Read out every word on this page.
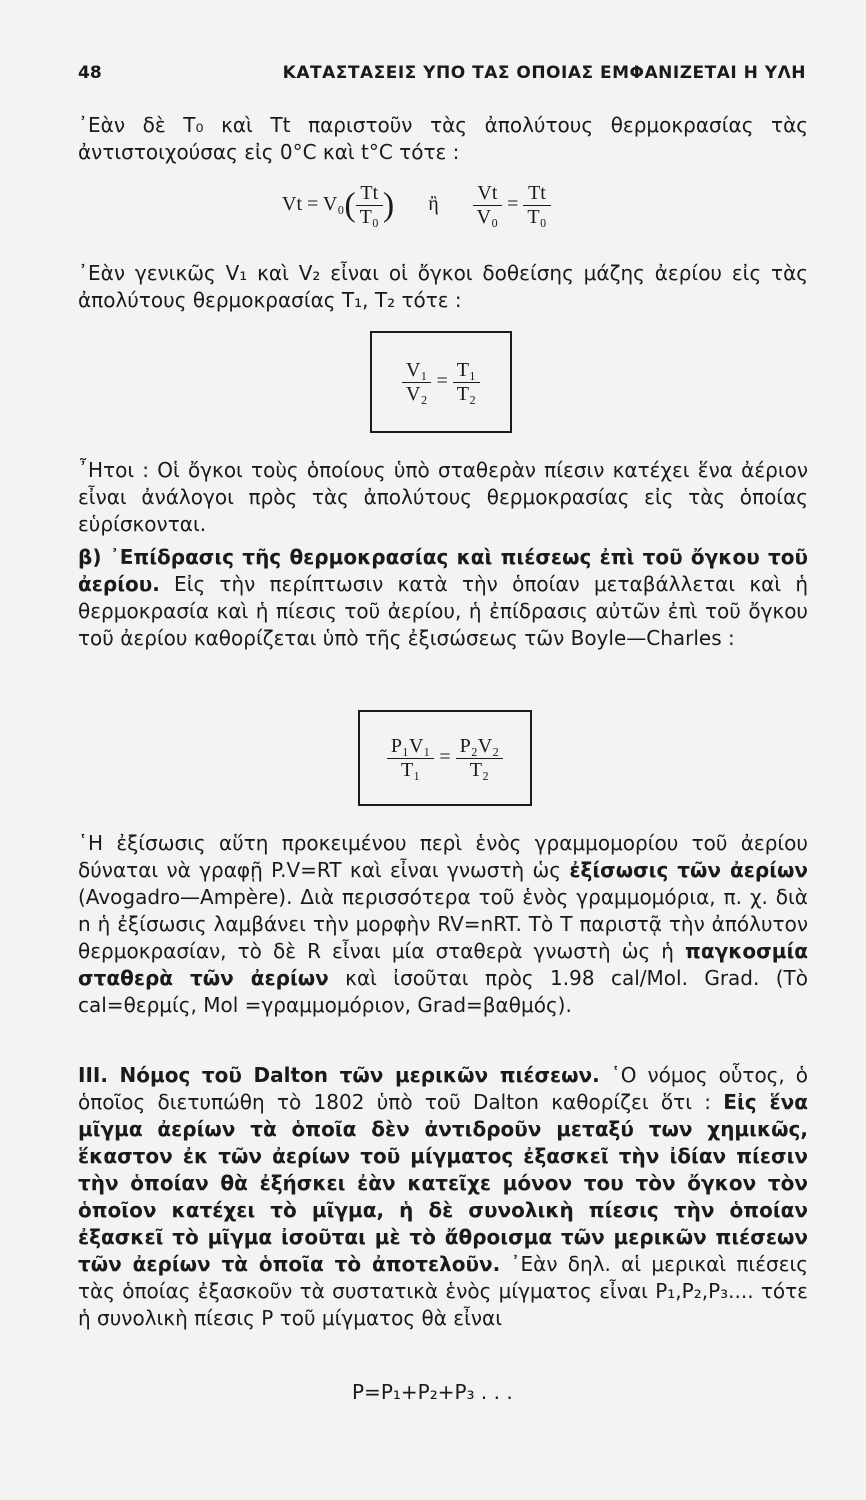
48	ΚΑΤΑΣΤΑΣΕΙΣ ΥΠΟ ΤΑΣ ΟΠΟΙΑΣ ΕΜΦΑΝΙΖΕΤΑΙ Η ΥΛΗ
᾿Εὰν δὲ T₀ καὶ Tt παριστοῦν τὰς ἀπολύτους θερμοκρασίας τὰς ἀντιστοιχούσας εἰς 0°C καὶ t°C τότε :
$Vt = V_0( \frac{Tt}{\text{T₀}}$ ) ἢ $\frac{Vt}{\text{V₀}} = \frac{Tt}{\text{T₀}}$
᾿Εὰν γενικῶς V₁ καὶ V₂ εἶναι οἱ ὄγκοι δοθείσης μάζης ἀερίου εἰς τὰς ἀπολύτους θερμοκρασίας T₁, T₂ τότε :
$\frac{\text{V₁}}{\text{V₂}} = \frac{\text{T₁}}{\text{T₂}}$
῏Ητοι : Οἱ ὄγκοι τοὺς ὁποίους ὑπὸ σταθερὰν πίεσιν κατέχει ἕνα ἀέριον εἶναι ἀνάλογοι πρὸς τὰς ἀπολύτους θερμοκρασίας εἰς τὰς ὁποίας εὑρίσκονται.
β) ᾿Επίδρασις τῆς θερμοκρασίας καὶ πιέσεως ἐπὶ τοῦ ὄγκου τοῦ ἀερίου. Εἰς τὴν περίπτωσιν κατὰ τὴν ὁποίαν μεταβάλλεται καὶ ἡ θερμοκρασία καὶ ἡ πίεσις τοῦ ἀερίου, ἡ ἐπίδρασις αὐτῶν ἐπὶ τοῦ ὄγκου τοῦ ἀερίου καθορίζεται ὑπὸ τῆς ἐξισώσεως τῶν Boyle—Charles :
$\frac{\text{P₁V₁}}{\text{T₁}} = \frac{\text{P₂V₂}}{\text{T₂}}$
῾Η ἐξίσωσις αὕτη προκειμένου περὶ ἑνὸς γραμμομορίου τοῦ ἀερίου δύναται νὰ γραφῇ P.V=RT καὶ εἶναι γνωστὴ ὡς ἐξίσωσις τῶν ἀερίων (Avogadro—Ampère). Διὰ περισσότερα τοῦ ἑνὸς γραμμομόρια, π. χ. διὰ n ἡ ἐξίσωσις λαμβάνει τὴν μορφὴν RV=nRT. Τὸ T παριστᾷ τὴν ἀπόλυτον θερμοκρασίαν, τὸ δὲ R εἶναι μία σταθερὰ γνωστὴ ὡς ἡ παγκοσμία σταθερὰ τῶν ἀερίων καὶ ἰσοῦται πρὸς 1.98 cal/Mol. Grad. (Τὸ cal=θερμίς, Mol =γραμμομόριον, Grad=βαθμός).
III. Νόμος τοῦ Dalton τῶν μερικῶν πιέσεων. ῾Ο νόμος οὗτος, ὁ ὁποῖος διετυπώθη τὸ 1802 ὑπὸ τοῦ Dalton καθορίζει ὅτι : Εἰς ἕνα μῖγμα ἀερίων τὰ ὁποῖα δὲν ἀντιδροῦν μεταξύ των χημικῶς, ἕκαστον ἐκ τῶν ἀερίων τοῦ μίγματος ἐξασκεῖ τὴν ἰδίαν πίεσιν τὴν ὁποίαν θὰ ἐξήσκει ἐὰν κατεῖχε μόνον του τὸν ὄγκον τὸν ὁποῖον κατέχει τὸ μῖγμα, ἡ δὲ συνολικὴ πίεσις τὴν ὁποίαν ἐξασκεῖ τὸ μῖγμα ἰσοῦται μὲ τὸ ἄθροισμα τῶν μερικῶν πιέσεων τῶν ἀερίων τὰ ὁποῖα τὸ ἀποτελοῦν. ᾿Εὰν δηλ. αἱ μερικαὶ πιέσεις τὰς ὁποίας ἐξασκοῦν τὰ συστατικὰ ἑνὸς μίγματος εἶναι P₁,P₂,P₃.... τότε ἡ συνολικὴ πίεσις P τοῦ μίγματος θὰ εἶναι
P=P₁+P₂+P₃ . . .
